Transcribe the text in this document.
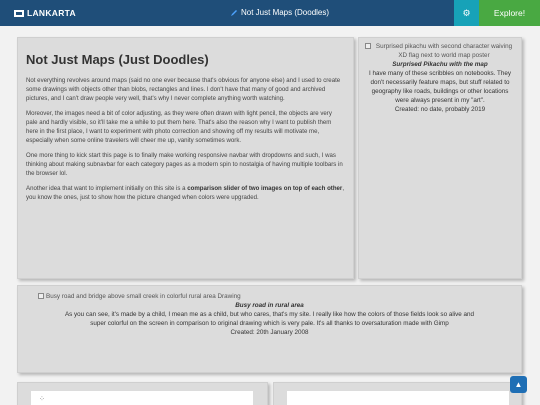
LANKARTA	Not Just Maps (Doodles)	⚙	Explore!
Not Just Maps (Just Doodles)

Not everything revolves around maps (said no one ever because that's obvious for anyone else) and I used to create some drawings with objects other than blobs, rectangles and lines. I don't have that many of good and archived pictures, and I can't draw people very well, that's why I never complete anything worth watching.

Moreover, the images need a bit of color adjusting, as they were often drawn with light pencil, the objects are very pale and hardly visible, so it'll take me a while to put them here. That's also the reason why I want to publish them here in the first place, I want to experiment with photo correction and showing off my results will motivate me, especially when some online travelers will cheer me up, vanity sometimes work.

One more thing to kick start this page is to finally make working responsive navbar with dropdowns and such, I was thinking about making subnavbar for each category pages as a modern spin to nostalgia of having multiple toolbars in the browser lol.

Another idea that want to implement initially on this site is a comparison slider of two images on top of each other, you know the ones, just to show how the picture changed when colors were upgraded.

Surprised pikachu with second character waiving XD flag next to world map poster
Surprised Pikachu with the map
I have many of these scribbles on notebooks. They don't necessarily feature maps, but stuff related to geography like roads, buildings or other locations were always present in my "art".
Created: no date, probably 2019
Busy road and bridge above small creek in colorful rural area Drawing
Busy road in rural area
As you can see, it's made by a child, I mean me as a child, but who cares, that's my site. I really like how the colors of those fields look so alive and super colorful on the screen in comparison to original drawing which is very pale. It's all thanks to oversaturation made with Gimp
Created: 20th January 2008
⁘
▲
